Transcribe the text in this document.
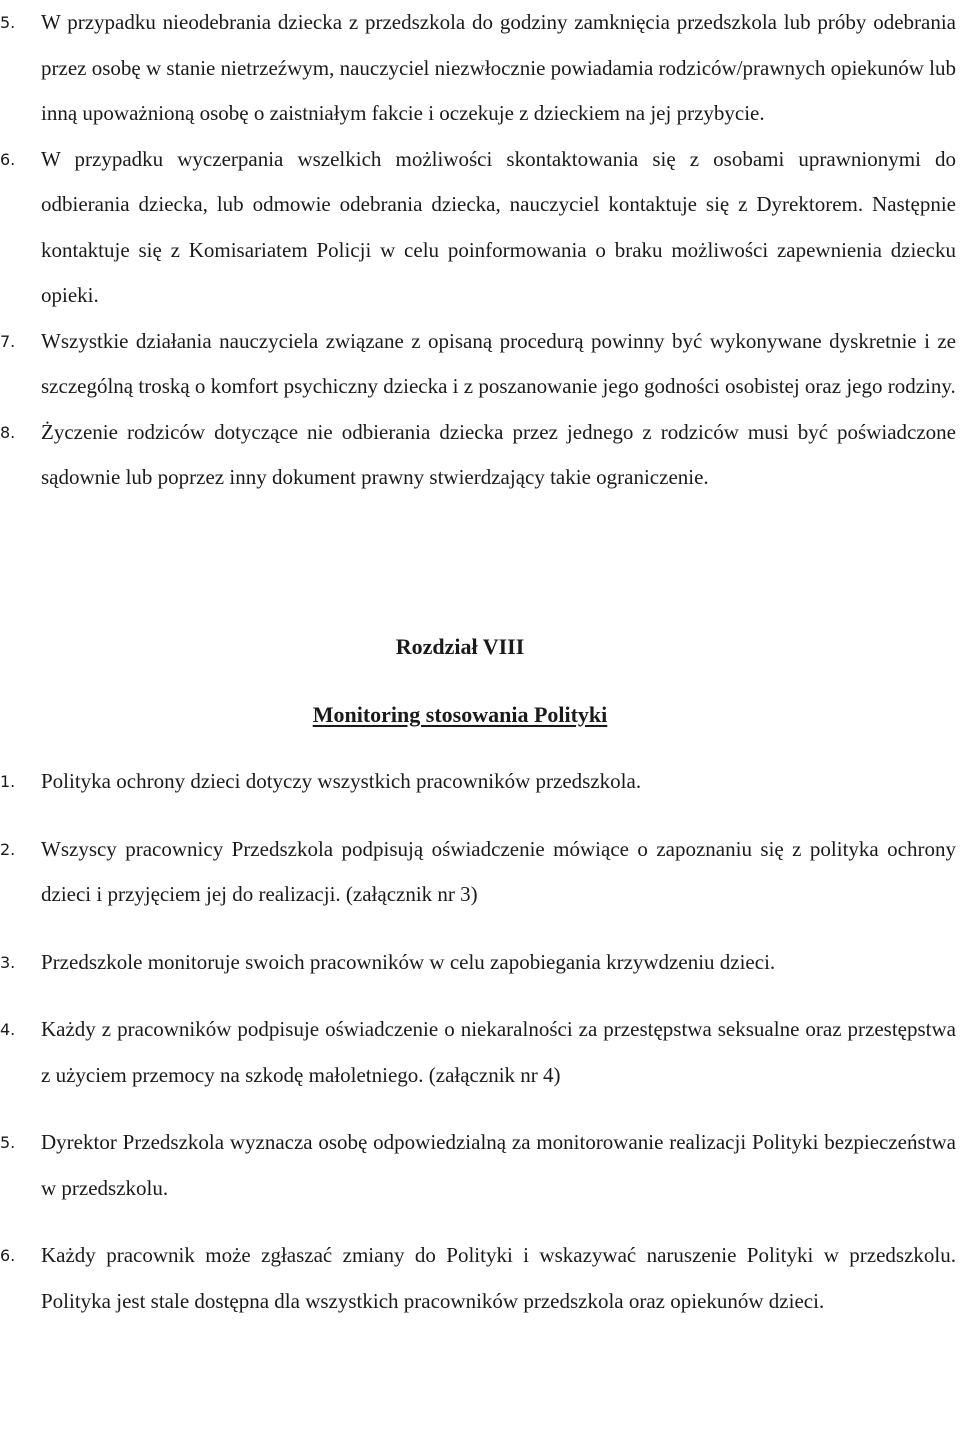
5. W przypadku nieodebrania dziecka z przedszkola do godziny zamknięcia przedszkola lub próby odebrania przez osobę w stanie nietrzeźwym, nauczyciel niezwłocznie powiadamia rodziców/prawnych opiekunów lub inną upoważnioną osobę o zaistniałym fakcie i oczekuje z dzieckiem na jej przybycie.
6. W przypadku wyczerpania wszelkich możliwości skontaktowania się z osobami uprawnionymi do odbierania dziecka, lub odmowie odebrania dziecka, nauczyciel kontaktuje się z Dyrektorem. Następnie kontaktuje się z Komisariatem Policji w celu poinformowania o braku możliwości zapewnienia dziecku opieki.
7. Wszystkie działania nauczyciela związane z opisaną procedurą powinny być wykonywane dyskretnie i ze szczególną troską o komfort psychiczny dziecka i z poszanowanie jego godności osobistej oraz jego rodziny.
8. Życzenie rodziców dotyczące nie odbierania dziecka przez jednego z rodziców musi być poświadczone sądownie lub poprzez inny dokument prawny stwierdzający takie ograniczenie.
Rozdział VIII
Monitoring stosowania Polityki
1. Polityka ochrony dzieci dotyczy wszystkich pracowników przedszkola.
2. Wszyscy pracownicy Przedszkola podpisują oświadczenie mówiące o zapoznaniu się z polityka ochrony dzieci i przyjęciem jej do realizacji. (załącznik nr 3)
3. Przedszkole monitoruje swoich pracowników w celu zapobiegania krzywdzeniu dzieci.
4. Każdy z pracowników podpisuje oświadczenie o niekaralności za przestępstwa seksualne oraz przestępstwa z użyciem przemocy na szkodę małoletniego. (załącznik nr 4)
5. Dyrektor Przedszkola wyznacza osobę odpowiedzialną za monitorowanie realizacji Polityki bezpieczeństwa w przedszkolu.
6. Każdy pracownik może zgłaszać zmiany do Polityki i wskazywać naruszenie Polityki w przedszkolu. Polityka jest stale dostępna dla wszystkich pracowników przedszkola oraz opiekunów dzieci.
